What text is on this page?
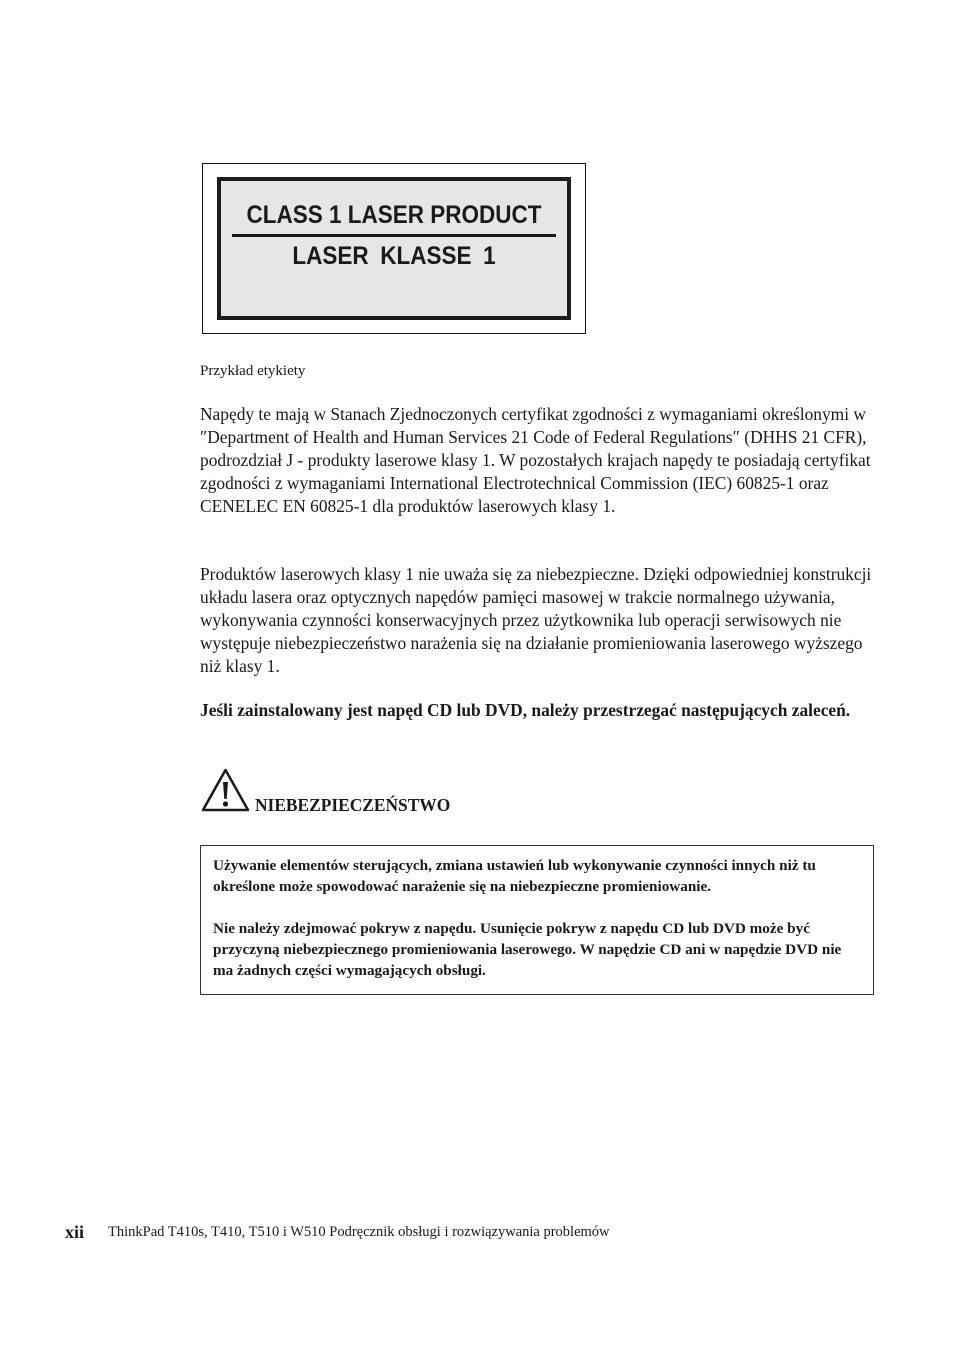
CLASS 1 LASER PRODUCT
LASER KLASSE 1
Przykład etykiety

Napędy te mają w Stanach Zjednoczonych certyfikat zgodności z wymaganiami określonymi w ″Department of Health and Human Services 21 Code of Federal Regulations″ (DHHS 21 CFR), podrozdział J - produkty laserowe klasy 1. W pozostałych krajach napędy te posiadają certyfikat zgodności z wymaganiami International Electrotechnical Commission (IEC) 60825-1 oraz CENELEC EN 60825-1 dla produktów laserowych klasy 1.

Produktów laserowych klasy 1 nie uważa się za niebezpieczne. Dzięki odpowiedniej konstrukcji układu lasera oraz optycznych napędów pamięci masowej w trakcie normalnego używania, wykonywania czynności konserwacyjnych przez użytkownika lub operacji serwisowych nie występuje niebezpieczeństwo narażenia się na działanie promieniowania laserowego wyższego niż klasy 1.

Jeśli zainstalowany jest napęd CD lub DVD, należy przestrzegać następujących zaleceń.

NIEBEZPIECZEŃSTWO

Używanie elementów sterujących, zmiana ustawień lub wykonywanie czynności innych niż tu określone może spowodować narażenie się na niebezpieczne promieniowanie.

Nie należy zdejmować pokryw z napędu. Usunięcie pokryw z napędu CD lub DVD może być przyczyną niebezpiecznego promieniowania laserowego. W napędzie CD ani w napędzie DVD nie ma żadnych części wymagających obsługi.

xii ThinkPad T410s, T410, T510 i W510 Podręcznik obsługi i rozwiązywania problemów
